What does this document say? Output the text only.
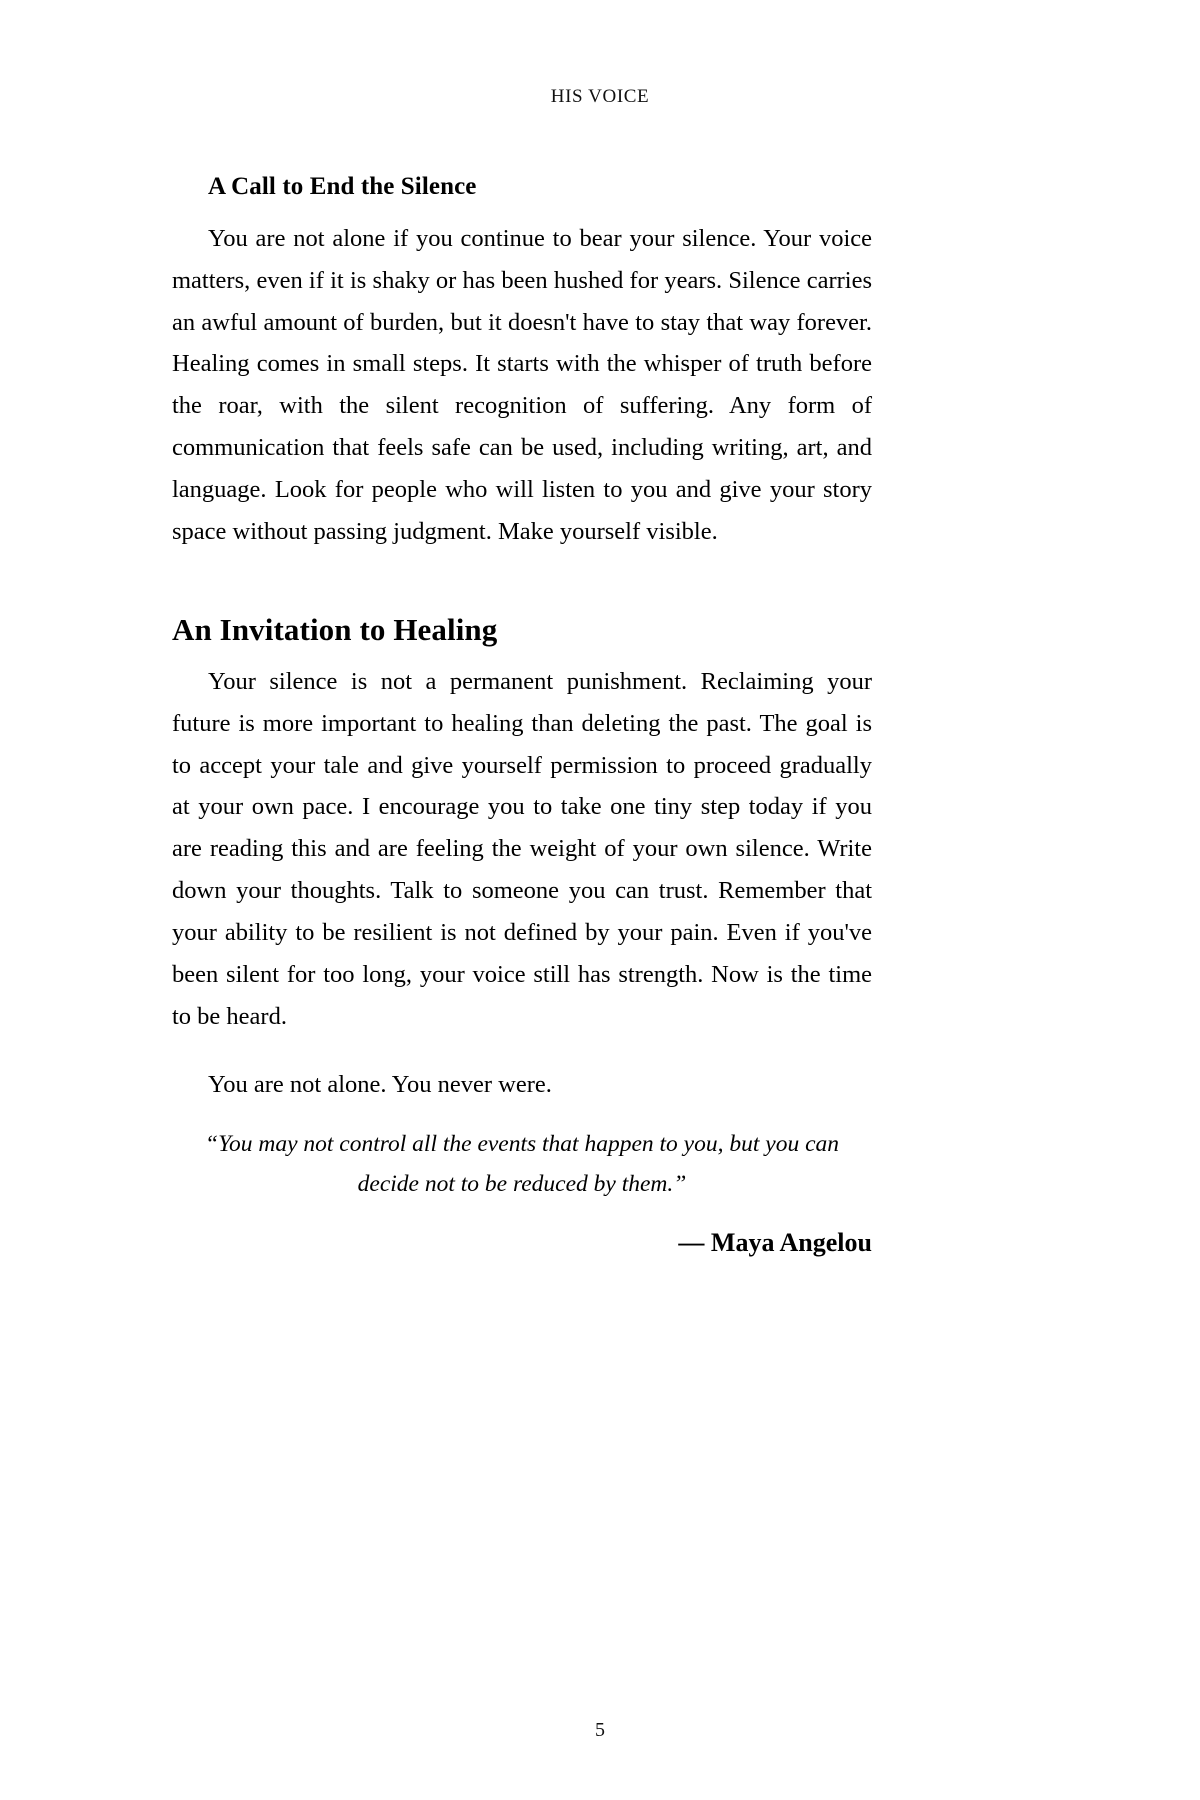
HIS VOICE
A Call to End the Silence

You are not alone if you continue to bear your silence. Your voice matters, even if it is shaky or has been hushed for years. Silence carries an awful amount of burden, but it doesn't have to stay that way forever. Healing comes in small steps. It starts with the whisper of truth before the roar, with the silent recognition of suffering. Any form of communication that feels safe can be used, including writing, art, and language. Look for people who will listen to you and give your story space without passing judgment. Make yourself visible.

An Invitation to Healing

Your silence is not a permanent punishment. Reclaiming your future is more important to healing than deleting the past. The goal is to accept your tale and give yourself permission to proceed gradually at your own pace. I encourage you to take one tiny step today if you are reading this and are feeling the weight of your own silence. Write down your thoughts. Talk to someone you can trust. Remember that your ability to be resilient is not defined by your pain. Even if you've been silent for too long, your voice still has strength. Now is the time to be heard.

You are not alone. You never were.

“You may not control all the events that happen to you, but you can decide not to be reduced by them.”

— Maya Angelou

5
